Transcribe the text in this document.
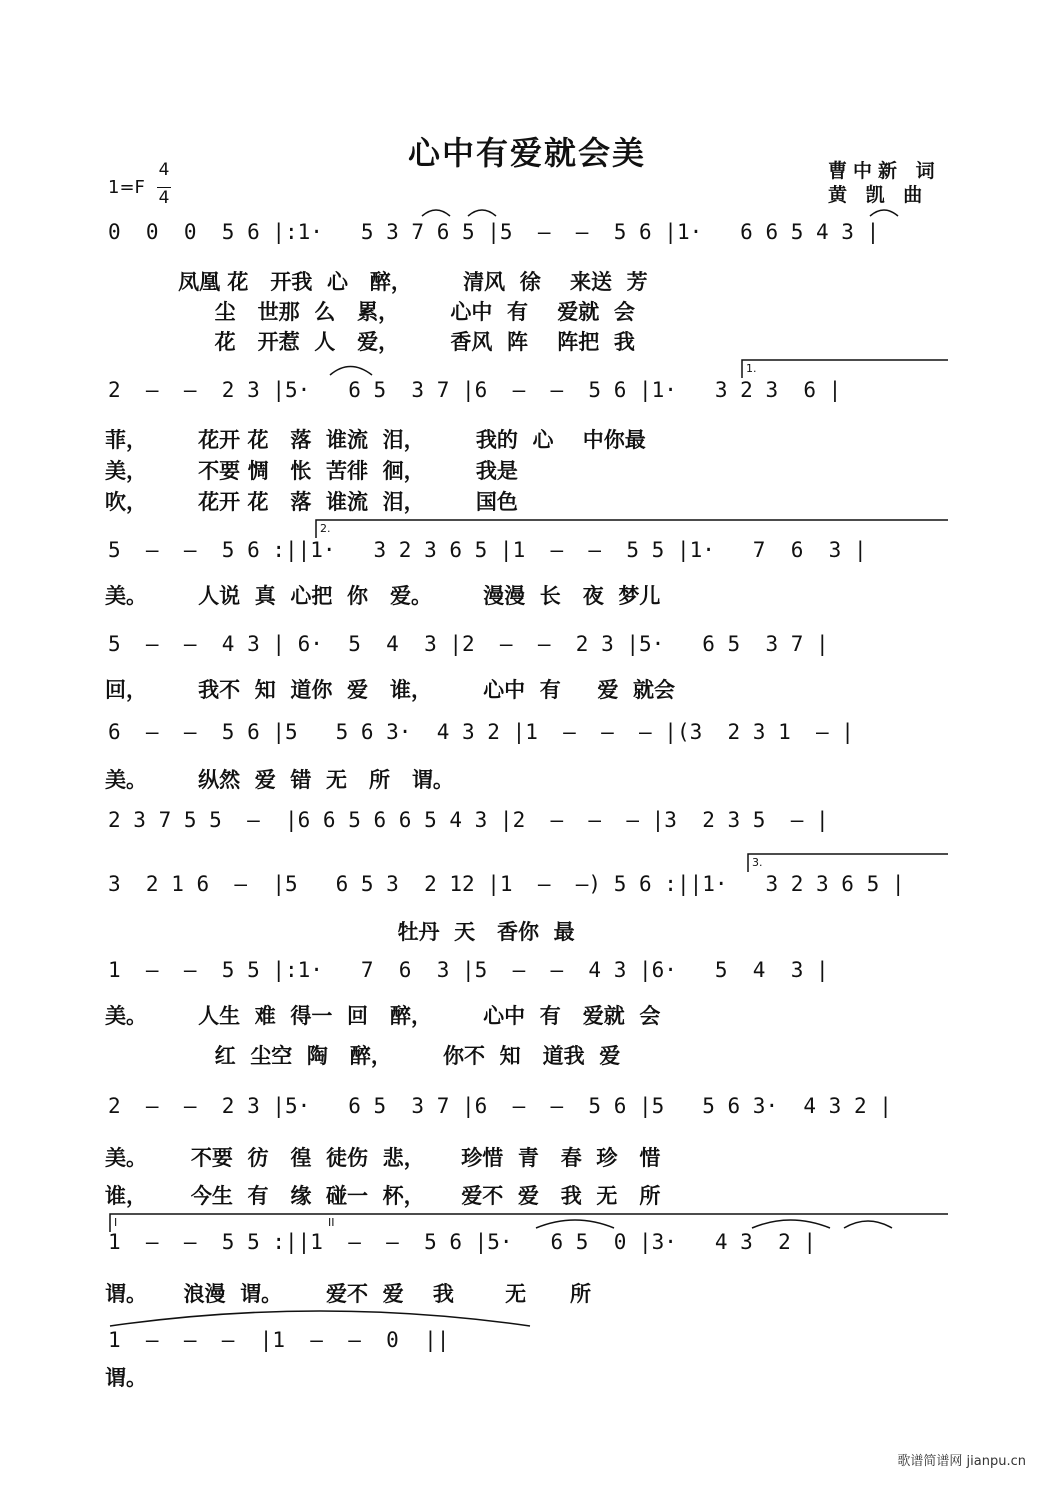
心中有爱就会美	曹中新 词
黄 凯 曲
1=F
4
4
0  0  0  5 6 |:1·   5 3 7 6 5 |5  —  —  5 6 |1·   6 6 5 4 3 |
凤凰 花   开我  心   醉，       清风  徐    来送  芳
尘   世那  么   累，       心中  有    爱就  会
花   开惹  人   爱，       香风  阵    阵把  我
2  —  —  2 3 |5·   6 5  3 7 |6  —  —  5 6 |1·   3 2 3  6 |
菲，       花开 花   落  谁流  泪，       我的  心    中你最
美，       不要 惆   怅  苦徘  徊，       我是
吹，       花开 花   落  谁流  泪，       国色
5  —  —  5 6 :||1·   3 2 3 6 5 |1  —  —  5 5 |1·   7  6  3 |
美。       人说  真  心把  你   爱。       漫漫  长   夜  梦儿
5  —  —  4 3 | 6·  5  4  3 |2  —  —  2 3 |5·   6 5  3 7 |
回，       我不  知  道你  爱   谁，       心中  有     爱  就会
6  —  —  5 6 |5   5 6 3·  4 3 2 |1  —  —  — |(3  2 3 1  — |
美。       纵然  爱  错  无   所   谓。
2 3 7 5 5  —  |6 6 5 6 6 5 4 3 |2  —  —  — |3  2 3 5  — |
3  2 1 6  —  |5   6 5 3  2 12 |1  —  —) 5 6 :||1·   3 2 3 6 5 |
牡丹  天   香你  最
1  —  —  5 5 |:1·   7  6  3 |5  —  —  4 3 |6·   5  4  3 |
美。       人生  难  得一  回   醉，       心中  有   爱就  会
红  尘空  陶   醉，       你不  知   道我  爱
2  —  —  2 3 |5·   6 5  3 7 |6  —  —  5 6 |5   5 6 3·  4 3 2 |
美。      不要  彷   徨  徒伤  悲，     珍惜  青   春  珍   惜
谁，      今生  有   缘  碰一  杯，     爱不  爱   我  无   所
1  —  —  5 5 :||1  —  —  5 6 |5·   6 5  0 |3·   4 3  2 |
谓。     浪漫  谓。      爱不  爱    我       无      所
1  —  —  —  |1  —  —  0  ||
谓。
1.
2.
3.
I	II
歌谱简谱网 jianpu.cn
